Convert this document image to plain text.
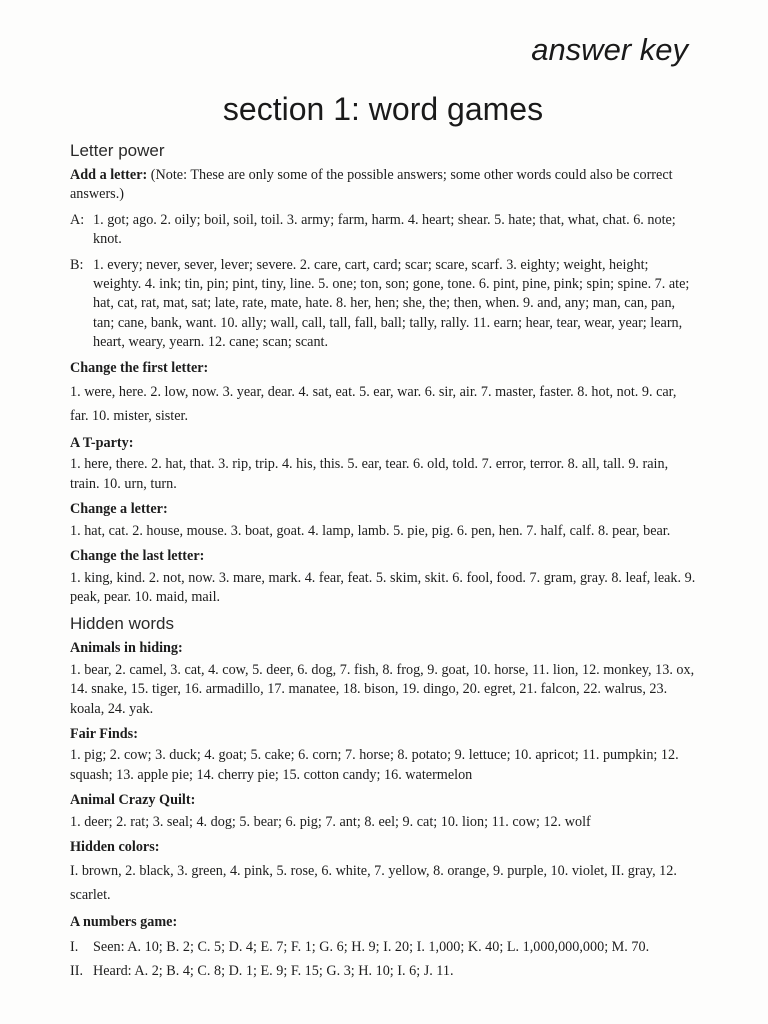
answer key
section 1: word games
Letter power

Add a letter: (Note: These are only some of the possible answers; some other words could also be correct answers.)

A: 1. got; ago. 2. oily; boil, soil, toil. 3. army; farm, harm. 4. heart; shear. 5. hate; that, what, chat. 6. note; knot.
B: 1. every; never, sever, lever; severe. 2. care, cart, card; scar; scare, scarf. 3. eighty; weight, height; weighty. 4. ink; tin, pin; pint, tiny, line. 5. one; ton, son; gone, tone. 6. pint, pine, pink; spin; spine. 7. ate; hat, cat, rat, mat, sat; late, rate, mate, hate. 8. her, hen; she, the; then, when. 9. and, any; man, can, pan, tan; cane, bank, want. 10. ally; wall, call, tall, fall, ball; tally, rally. 11. earn; hear, tear, wear, year; learn, heart, weary, yearn. 12. cane; scan; scant.
Change the first letter:

1. were, here. 2. low, now. 3. year, dear. 4. sat, eat. 5. ear, war. 6. sir, air. 7. master, faster. 8. hot, not. 9. car, far. 10. mister, sister.

A T-party:

1. here, there. 2. hat, that. 3. rip, trip. 4. his, this. 5. ear, tear. 6. old, told. 7. error, terror. 8. all, tall. 9. rain, train. 10. urn, turn.

Change a letter:

1. hat, cat. 2. house, mouse. 3. boat, goat. 4. lamp, lamb. 5. pie, pig. 6. pen, hen. 7. half, calf. 8. pear, bear.

Change the last letter:

1. king, kind. 2. not, now. 3. mare, mark. 4. fear, feat. 5. skim, skit. 6. fool, food. 7. gram, gray. 8. leaf, leak. 9. peak, pear. 10. maid, mail.

Hidden words
Animals in hiding:

1. bear, 2. camel, 3. cat, 4. cow, 5. deer, 6. dog, 7. fish, 8. frog, 9. goat, 10. horse, 11. lion, 12. monkey, 13. ox, 14. snake, 15. tiger, 16. armadillo, 17. manatee, 18. bison, 19. dingo, 20. egret, 21. falcon, 22. walrus, 23. koala, 24. yak.

Fair Finds:

1. pig; 2. cow; 3. duck; 4. goat; 5. cake; 6. corn; 7. horse; 8. potato; 9. lettuce; 10. apricot; 11. pumpkin; 12. squash; 13. apple pie; 14. cherry pie; 15. cotton candy; 16. watermelon

Animal Crazy Quilt:

1. deer; 2. rat; 3. seal; 4. dog; 5. bear; 6. pig; 7. ant; 8. eel; 9. cat; 10. lion; 11. cow; 12. wolf

Hidden colors:

I. brown, 2. black, 3. green, 4. pink, 5. rose, 6. white, 7. yellow, 8. orange, 9. purple, 10. violet, II. gray, 12. scarlet.

A numbers game:
I.	Seen: A. 10; B. 2; C. 5; D. 4; E. 7; F. 1; G. 6; H. 9; I. 20; I. 1,000; K. 40; L. 1,000,000,000; M. 70.
II. Heard: A. 2; B. 4; C. 8; D. 1; E. 9; F. 15; G. 3; H. 10; I. 6; J. 11.
